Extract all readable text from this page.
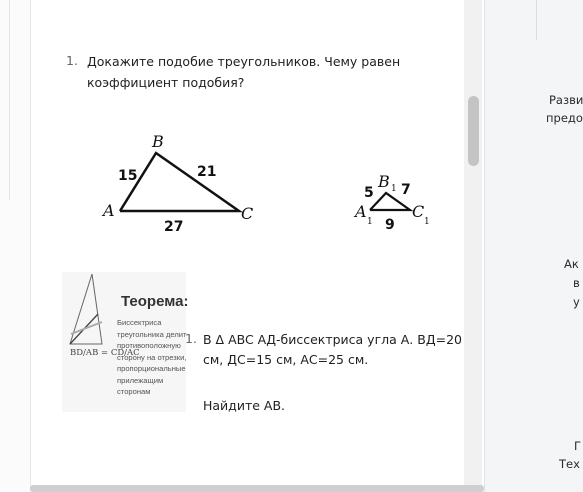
1. Докажите подобие треугольников. Чему равен коэффициент подобия?
B
A	C
15	21
27
B 1
A
1
C
1
5 7
9
Теорема:
Биссектриса треугольника делит противоположную сторону на отрезки, пропорциональные прилежащим сторонам
BD/AB = CD/AC
1. В Δ ABC АД-биссектриса угла А. ВД=20 см, ДС=15 см, АС=25 см.
Найдите АВ.
Разви
предо
Ак
в
у
Г
Тех
